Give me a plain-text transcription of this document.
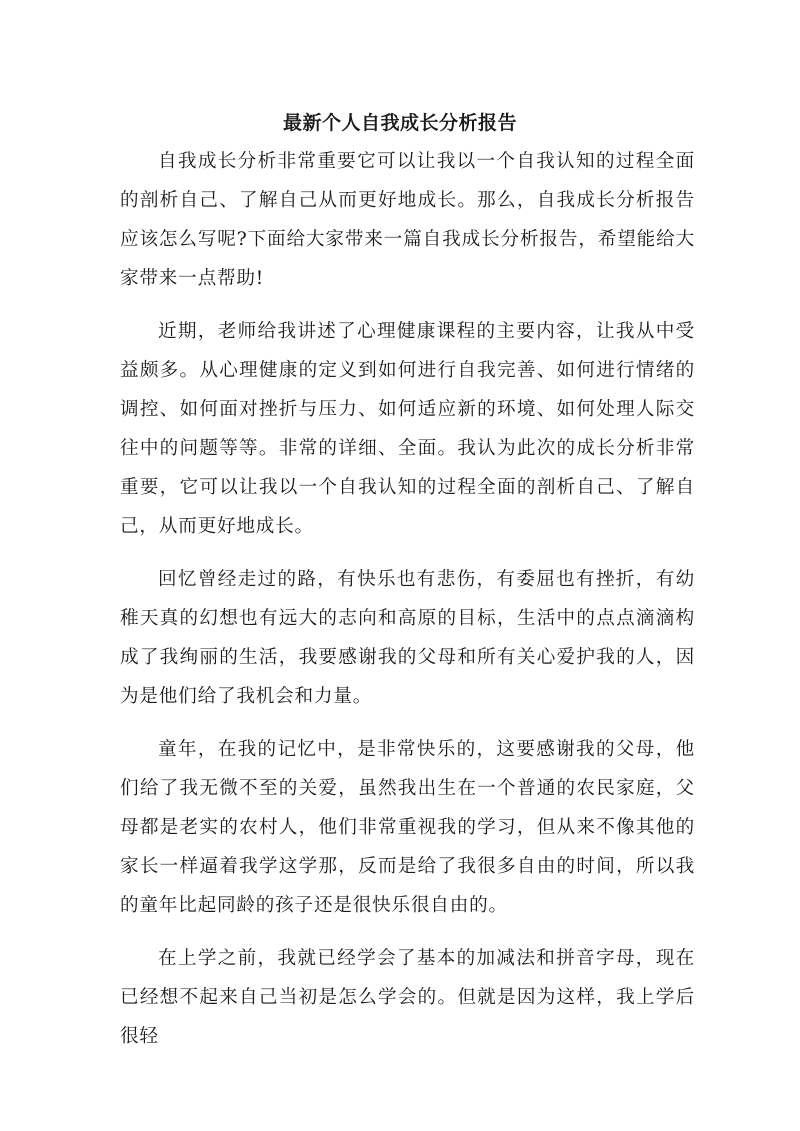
最新个人自我成长分析报告

自我成长分析非常重要它可以让我以一个自我认知的过程全面的剖析自己、了解自己从而更好地成长。那么，自我成长分析报告应该怎么写呢?下面给大家带来一篇自我成长分析报告，希望能给大家带来一点帮助!

近期，老师给我讲述了心理健康课程的主要内容，让我从中受益颇多。从心理健康的定义到如何进行自我完善、如何进行情绪的调控、如何面对挫折与压力、如何适应新的环境、如何处理人际交往中的问题等等。非常的详细、全面。我认为此次的成长分析非常重要，它可以让我以一个自我认知的过程全面的剖析自己、了解自己，从而更好地成长。

回忆曾经走过的路，有快乐也有悲伤，有委屈也有挫折，有幼稚天真的幻想也有远大的志向和高原的目标，生活中的点点滴滴构成了我绚丽的生活，我要感谢我的父母和所有关心爱护我的人，因为是他们给了我机会和力量。

童年，在我的记忆中，是非常快乐的，这要感谢我的父母，他们给了我无微不至的关爱，虽然我出生在一个普通的农民家庭，父母都是老实的农村人，他们非常重视我的学习，但从来不像其他的家长一样逼着我学这学那，反而是给了我很多自由的时间，所以我的童年比起同龄的孩子还是很快乐很自由的。

在上学之前，我就已经学会了基本的加减法和拼音字母，现在已经想不起来自己当初是怎么学会的。但就是因为这样，我上学后很轻
